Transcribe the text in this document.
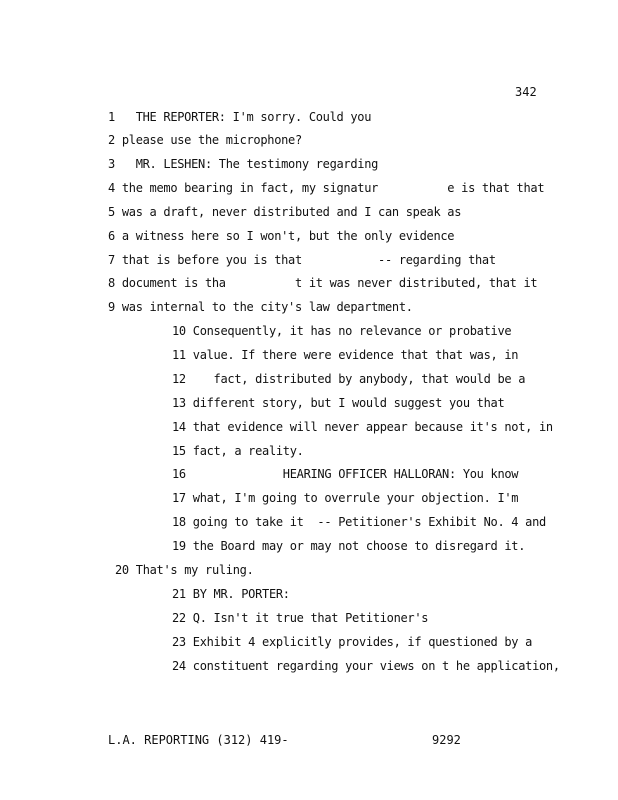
342
1   THE REPORTER: I'm sorry. Could you
2 please use the microphone?
3   MR. LESHEN: The testimony regarding
4 the memo bearing in fact, my signatur          e is that that
5 was a draft, never distributed and I can speak as
6 a witness here so I won't, but the only evidence
7 that is before you is that           -- regarding that
8 document is tha          t it was never distributed, that it
9 was internal to the city's law department.
10 Consequently, it has no relevance or probative
11 value. If there were evidence that that was, in
12    fact, distributed by anybody, that would be a
13 different story, but I would suggest you that
14 that evidence will never appear because it's not, in
15 fact, a reality.
16              HEARING OFFICER HALLORAN: You know
17 what, I'm going to overrule your objection. I'm
18 going to take it  -- Petitioner's Exhibit No. 4 and
19 the Board may or may not choose to disregard it.
20 That's my ruling.
21 BY MR. PORTER:
22 Q. Isn't it true that Petitioner's
23 Exhibit 4 explicitly provides, if questioned by a
24 constituent regarding your views on t he application,
L.A. REPORTING (312) 419-	9292
